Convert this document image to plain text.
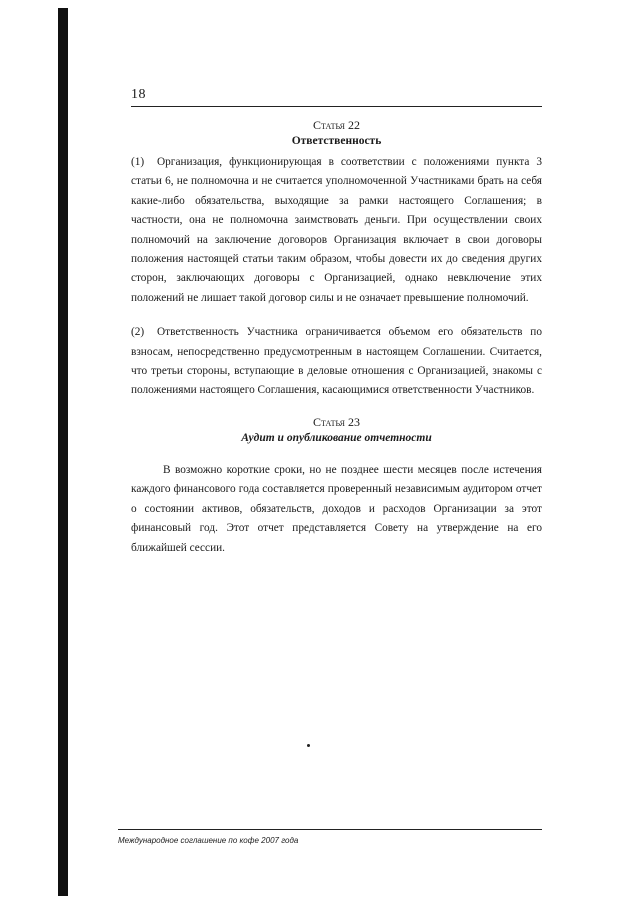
18
Статья 22
Ответственность

(1) Организация, функционирующая в соответствии с положениями пункта 3 статьи 6, не полномочна и не считается уполномоченной Участниками брать на себя какие-либо обязательства, выходящие за рамки настоящего Соглашения; в частности, она не полномочна заимствовать деньги. При осуществлении своих полномочий на заключение договоров Организация включает в свои договоры положения настоящей статьи таким образом, чтобы довести их до сведения других сторон, заключающих договоры с Организацией, однако невключение этих положений не лишает такой договор силы и не означает превышение полномочий.

(2) Ответственность Участника ограничивается объемом его обязательств по взносам, непосредственно предусмотренным в настоящем Соглашении. Считается, что третьи стороны, вступающие в деловые отношения с Организацией, знакомы с положениями настоящего Соглашения, касающимися ответственности Участников.

Статья 23
Аудит и опубликование отчетности

В возможно короткие сроки, но не позднее шести месяцев после истечения каждого финансового года составляется проверенный независимым аудитором отчет о состоянии активов, обязательств, доходов и расходов Организации за этот финансовый год. Этот отчет представляется Совету на утверждение на его ближайшей сессии.

Международное соглашение по кофе 2007 года
